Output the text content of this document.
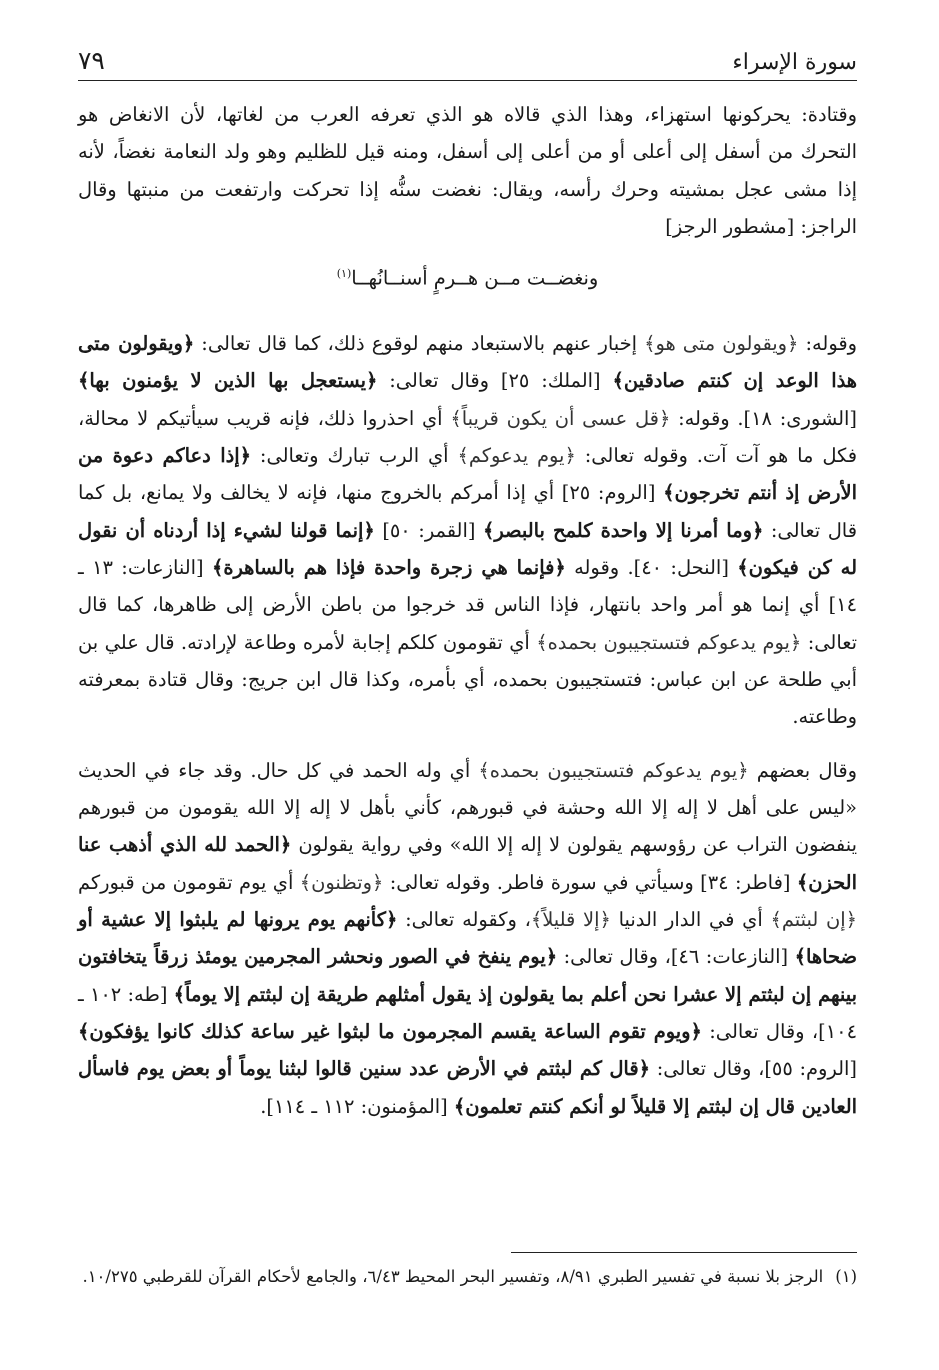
سورة الإسراء
٧٩

وقتادة: يحركونها استهزاء، وهذا الذي قالاه هو الذي تعرفه العرب من لغاتها، لأن الانغاض هو التحرك من أسفل إلى أعلى أو من أعلى إلى أسفل، ومنه قيل للظليم وهو ولد النعامة نغضاً، لأنه إذا مشى عجل بمشيته وحرك رأسه، ويقال: نغضت سنُّه إذا تحركت وارتفعت من منبتها وقال الراجز: [مشطور الرجز]

ونغضــت مــن هــرمٍ أسنــانُهــا$^{(١)}$

وقوله: ﴿ويقولون متى هو﴾ إخبار عنهم بالاستبعاد منهم لوقوع ذلك، كما قال تعالى: ﴿ويقولون متى هذا الوعد إن كنتم صادقين﴾ [الملك: ٢٥] وقال تعالى: ﴿يستعجل بها الذين لا يؤمنون بها﴾ [الشورى: ١٨]. وقوله: ﴿قل عسى أن يكون قريباً﴾ أي احذروا ذلك، فإنه قريب سيأتيكم لا محالة، فكل ما هو آت آت. وقوله تعالى: ﴿يوم يدعوكم﴾ أي الرب تبارك وتعالى: ﴿إذا دعاكم دعوة من الأرض إذ أنتم تخرجون﴾ [الروم: ٢٥] أي إذا أمركم بالخروج منها، فإنه لا يخالف ولا يمانع، بل كما قال تعالى: ﴿وما أمرنا إلا واحدة كلمح بالبصر﴾ [القمر: ٥٠] ﴿إنما قولنا لشيء إذا أردناه أن نقول له كن فيكون﴾ [النحل: ٤٠]. وقوله ﴿فإنما هي زجرة واحدة فإذا هم بالساهرة﴾ [النازعات: ١٣ ـ ١٤] أي إنما هو أمر واحد بانتهار، فإذا الناس قد خرجوا من باطن الأرض إلى ظاهرها، كما قال تعالى: ﴿يوم يدعوكم فتستجيبون بحمده﴾ أي تقومون كلكم إجابة لأمره وطاعة لإرادته. قال علي بن أبي طلحة عن ابن عباس: فتستجيبون بحمده، أي بأمره، وكذا قال ابن جريج: وقال قتادة بمعرفته وطاعته.

وقال بعضهم ﴿يوم يدعوكم فتستجيبون بحمده﴾ أي وله الحمد في كل حال. وقد جاء في الحديث «ليس على أهل لا إله إلا الله وحشة في قبورهم، كأني بأهل لا إله إلا الله يقومون من قبورهم ينفضون التراب عن رؤوسهم يقولون لا إله إلا الله» وفي رواية يقولون ﴿الحمد لله الذي أذهب عنا الحزن﴾ [فاطر: ٣٤] وسيأتي في سورة فاطر. وقوله تعالى: ﴿وتظنون﴾ أي يوم تقومون من قبوركم ﴿إن لبثتم﴾ أي في الدار الدنيا ﴿إلا قليلاً﴾، وكقوله تعالى: ﴿كأنهم يوم يرونها لم يلبثوا إلا عشية أو ضحاها﴾ [النازعات: ٤٦]، وقال تعالى: ﴿يوم ينفخ في الصور ونحشر المجرمين يومئذ زرقاً يتخافتون بينهم إن لبثتم إلا عشرا نحن أعلم بما يقولون إذ يقول أمثلهم طريقة إن لبثتم إلا يوماً﴾ [طه: ١٠٢ ـ ١٠٤]، وقال تعالى: ﴿ويوم تقوم الساعة يقسم المجرمون ما لبثوا غير ساعة كذلك كانوا يؤفكون﴾ [الروم: ٥٥]، وقال تعالى: ﴿قال كم لبثتم في الأرض عدد سنين قالوا لبثنا يوماً أو بعض يوم فاسأل العادين قال إن لبثتم إلا قليلاً لو أنكم كنتم تعلمون﴾ [المؤمنون: ١١٢ ـ ١١٤].

(١)الرجز بلا نسبة في تفسير الطبري ٨/٩١، وتفسير البحر المحيط ٦/٤٣، والجامع لأحكام القرآن للقرطبي ١٠/٢٧٥.
